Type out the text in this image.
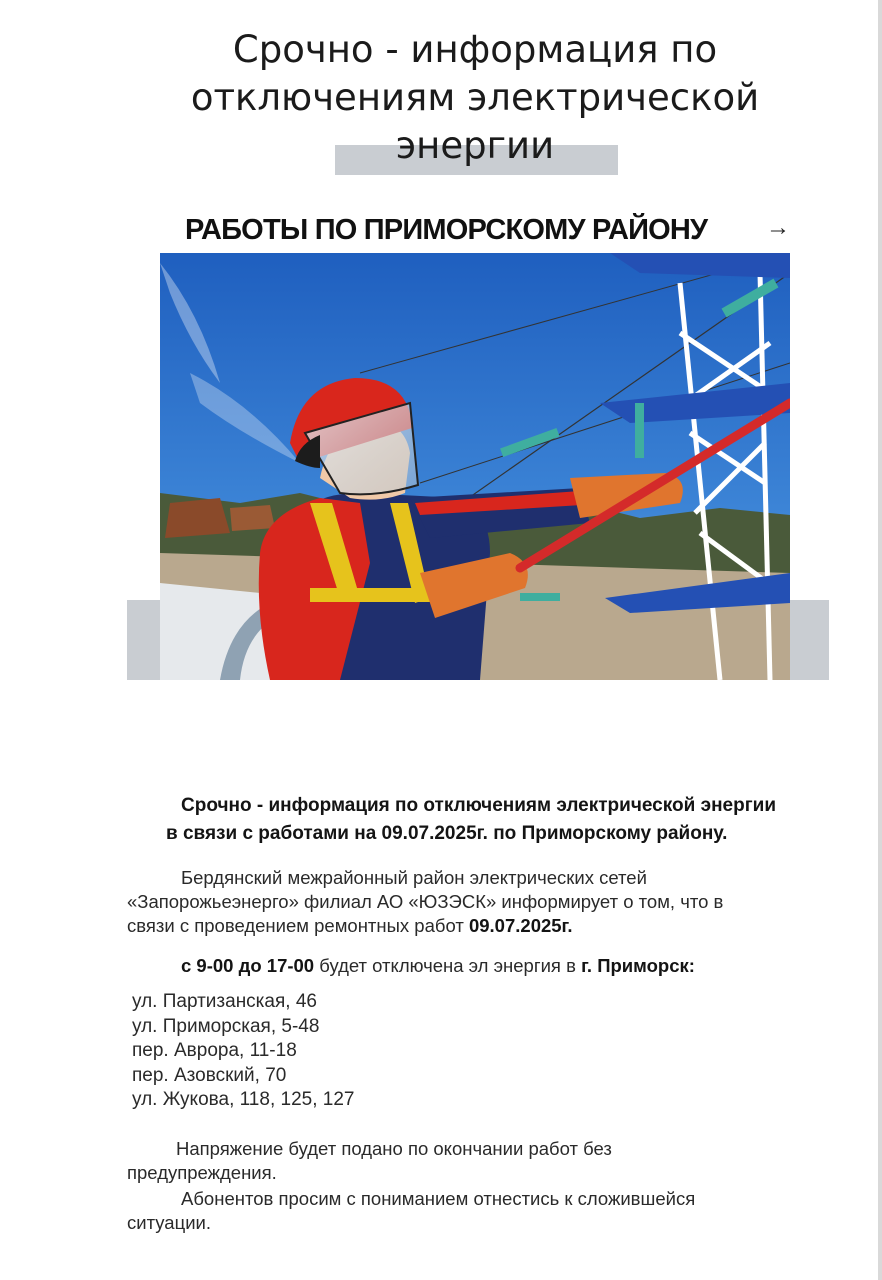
Срочно - информация по
отключениям электрической
энергии
РАБОТЫ ПО ПРИМОРСКОМУ РАЙОНУ →
Срочно - информация по отключениям электрической энергии
в связи с работами на 09.07.2025г. по Приморскому району.
Бердянский межрайонный район электрических сетей
«Запорожьеэнерго» филиал АО «ЮЗЭСК» информирует о том, что в
связи с проведением ремонтных работ 09.07.2025г.
с 9-00 до 17-00 будет отключена эл энергия в г. Приморск:
ул. Партизанская, 46
ул. Приморская, 5-48
пер. Аврора, 11-18
пер. Азовский, 70
ул. Жукова, 118, 125, 127
Напряжение будет подано по окончании работ без
предупреждения.
Абонентов просим с пониманием отнестись к сложившейся
ситуации.
